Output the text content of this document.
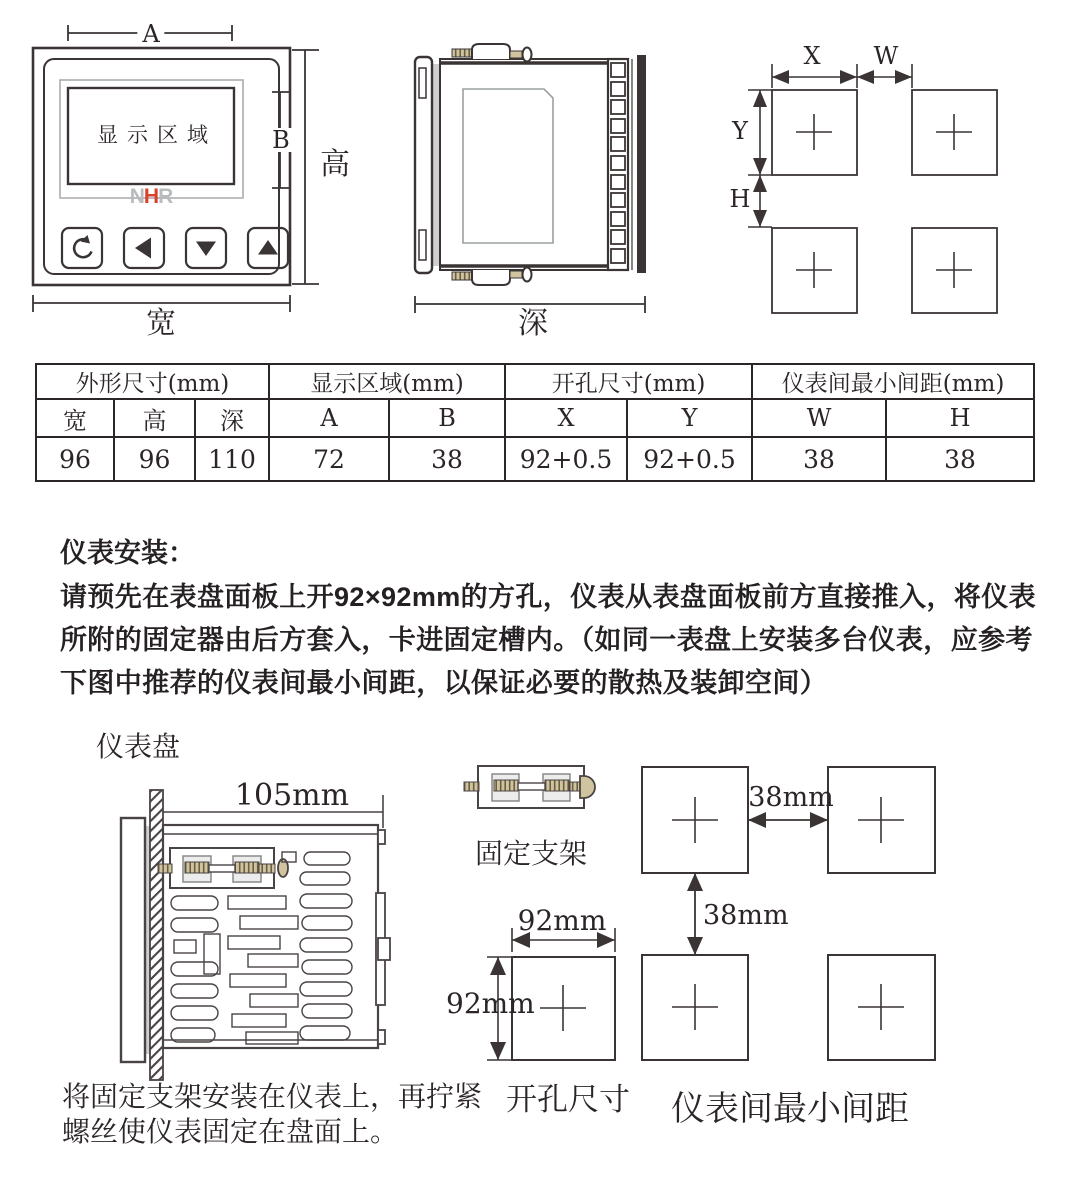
A
B
高
宽
显示区域
NHR
深
X W
Y
H
外形尺寸(mm)			显示区域(mm)		开孔尺寸(mm)		仪表间最小间距(mm)	
宽	高	深	A	B	X	Y	W	H
96	96	110	72	38	92+0.5	92+0.5	38	38
仪表安装：
请预先在表盘面板上开92×92mm的方孔，仪表从表盘面板前方直接推入，将仪表
所附的固定器由后方套入，卡进固定槽内。（如同一表盘上安装多台仪表，应参考
下图中推荐的仪表间最小间距，以保证必要的散热及装卸空间）
仪表盘
105mm
固定支架
92mm
92mm
38mm
38mm
开孔尺寸 仪表间最小间距
将固定支架安装在仪表上，再拧紧
螺丝使仪表固定在盘面上。
